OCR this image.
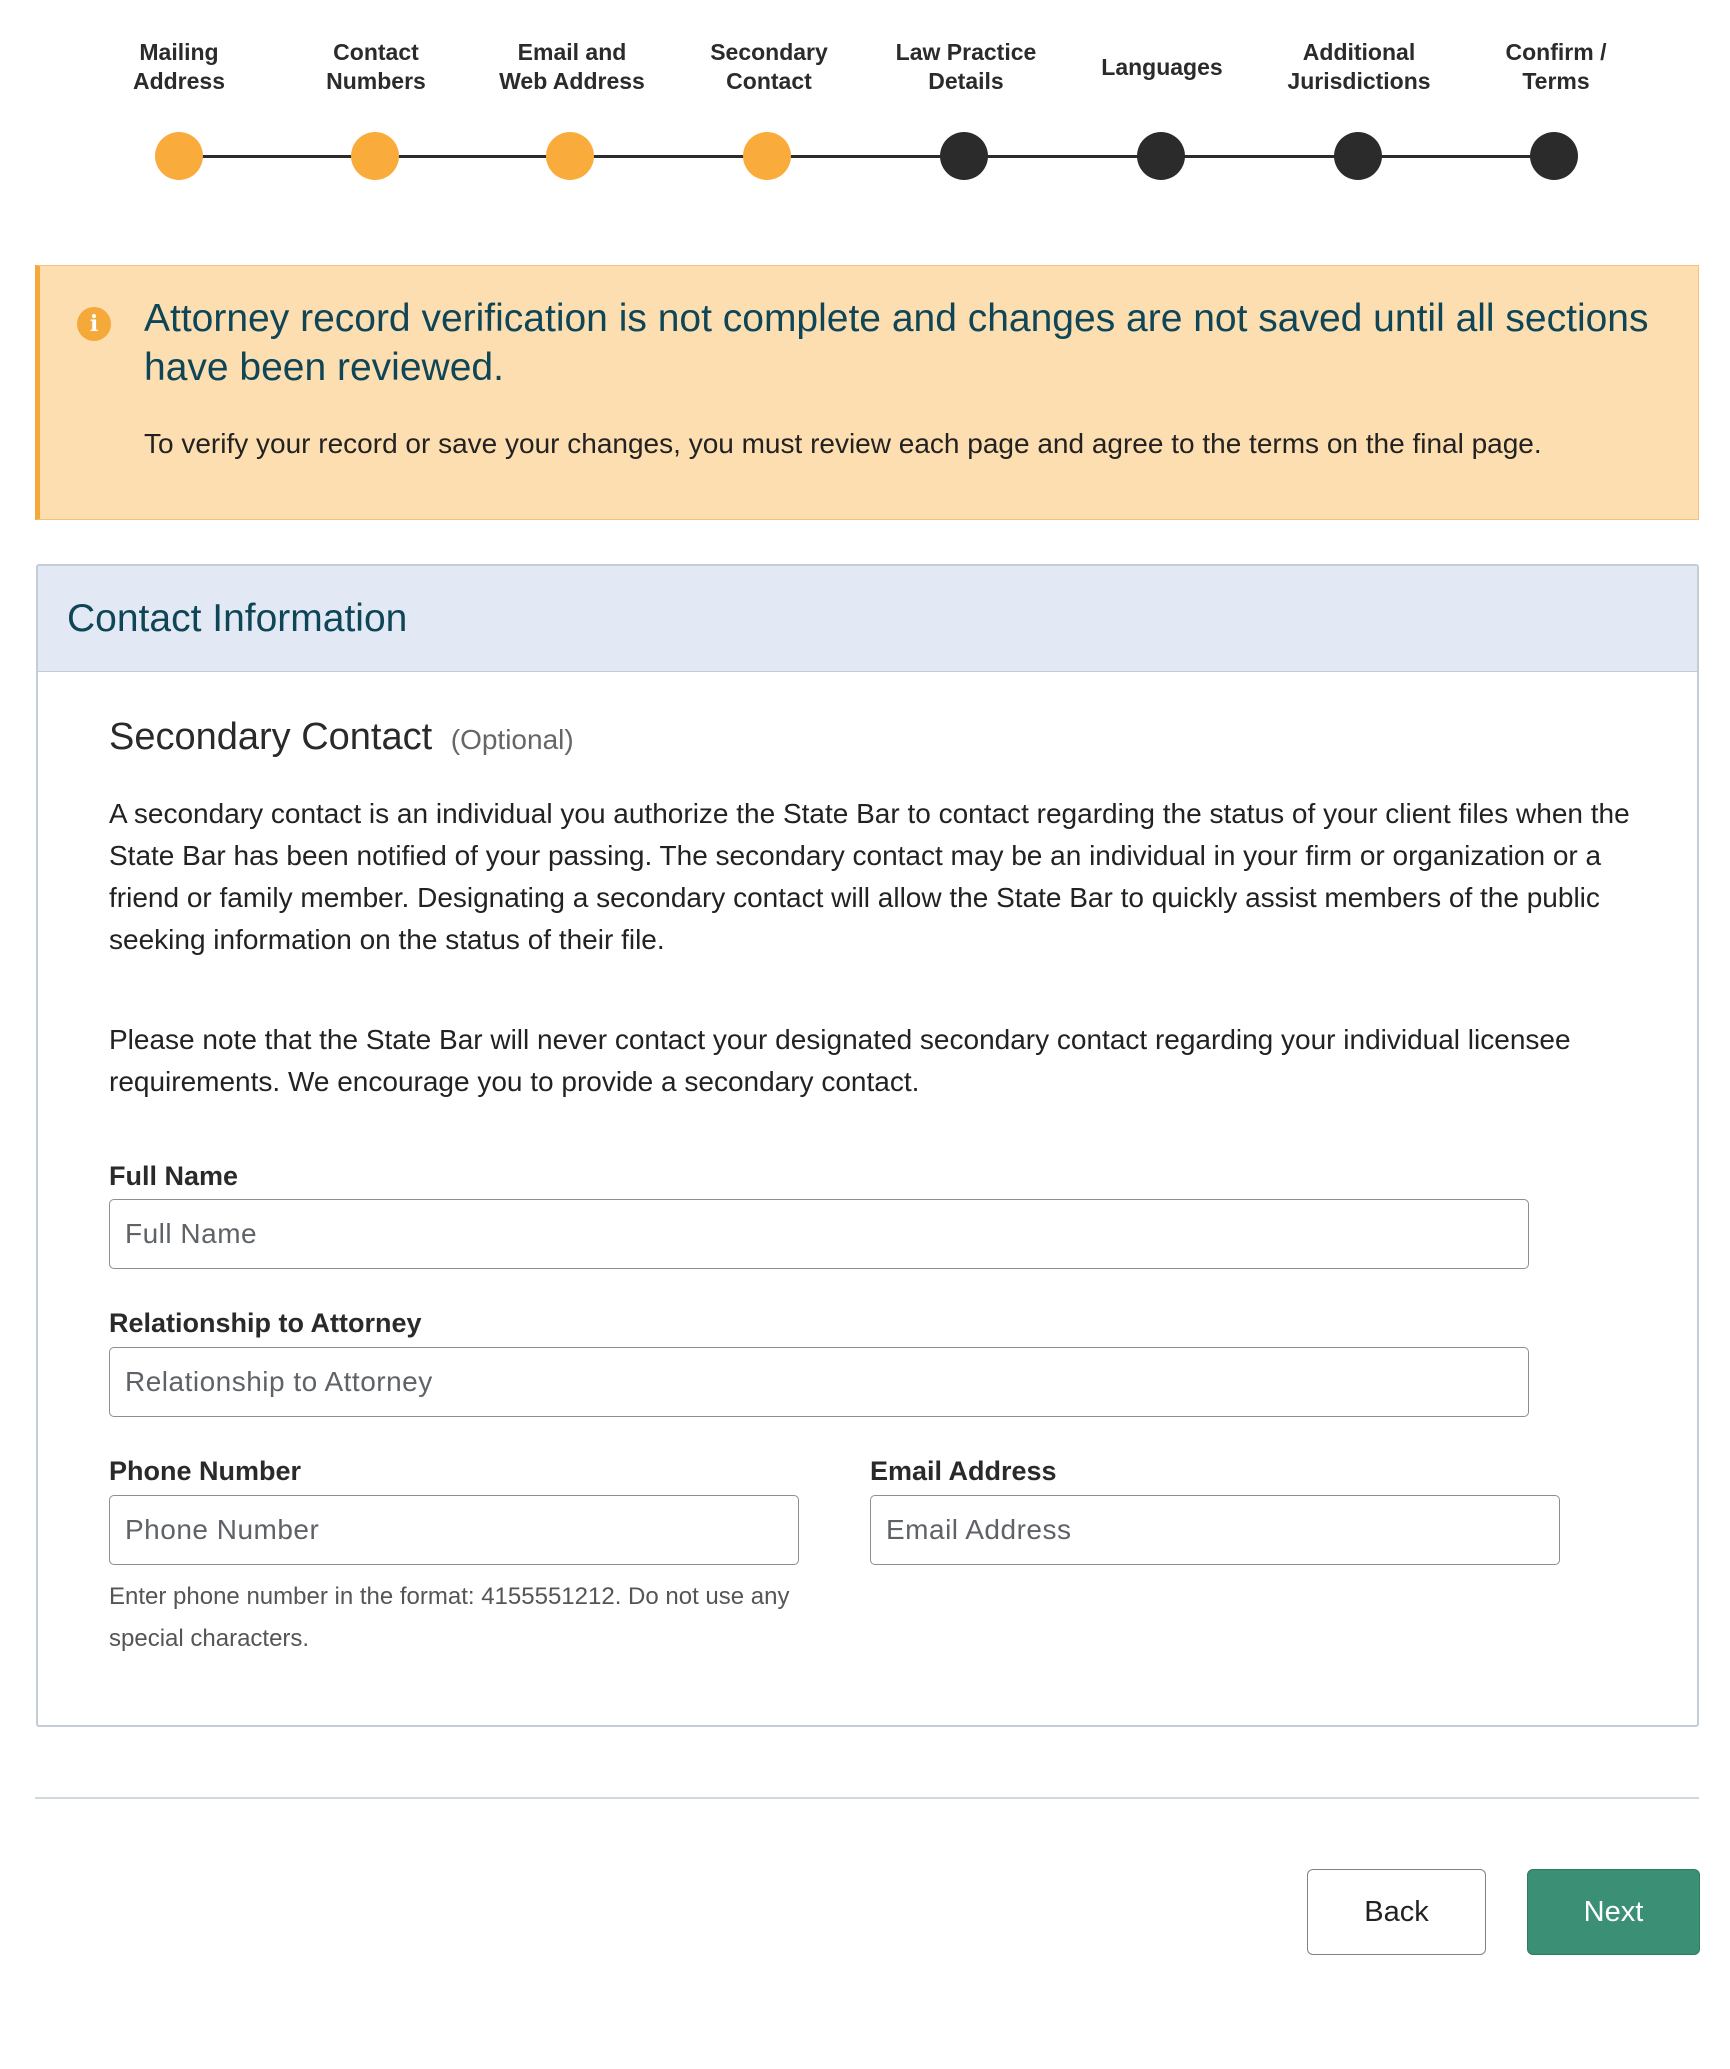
Mailing
Address
Contact
Numbers
Email and
Web Address
Secondary
Contact
Law Practice
Details
Languages
Additional
Jurisdictions
Confirm /
Terms
i	Attorney record verification is not complete and changes are not saved until all sections have been reviewed.
To verify your record or save your changes, you must review each page and agree to the terms on the final page.
Contact Information
Secondary Contact (Optional)
A secondary contact is an individual you authorize the State Bar to contact regarding the status of your client files when the State Bar has been notified of your passing. The secondary contact may be an individual in your firm or organization or a friend or family member. Designating a secondary contact will allow the State Bar to quickly assist members of the public seeking information on the status of their file.
Please note that the State Bar will never contact your designated secondary contact regarding your individual licensee requirements. We encourage you to provide a secondary contact.
Full Name
Full Name
Relationship to Attorney
Relationship to Attorney
Phone Number
Phone Number
Enter phone number in the format: 4155551212. Do not use any special characters.
Email Address
Email Address
Back	Next
